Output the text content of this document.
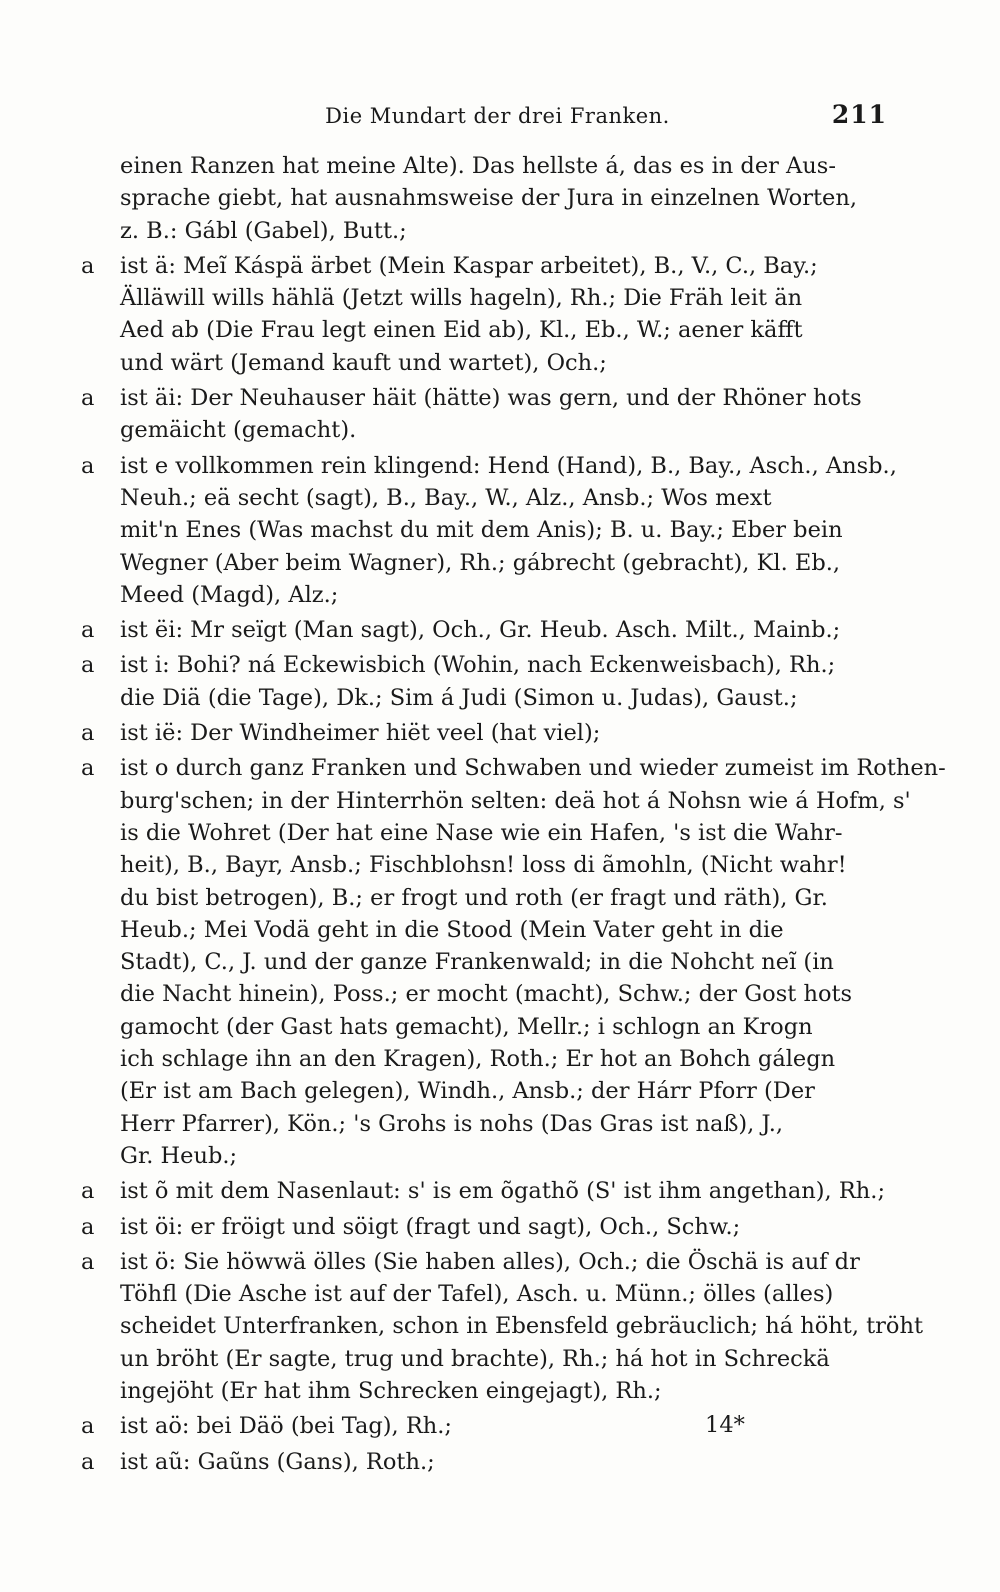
Die Mundart der drei Franken.	211
einen Ranzen hat meine Alte). Das hellste á, das es in der Aus-
sprache giebt, hat ausnahmsweise der Jura in einzelnen Worten,
z. B.: Gábl (Gabel), Butt.;
a ist ä: Meĩ Káspä ärbet (Mein Kaspar arbeitet), B., V., C., Bay.;
Älläwill wills hählä (Jetzt wills hageln), Rh.; Die Fräh leit än
Aed ab (Die Frau legt einen Eid ab), Kl., Eb., W.; aener käfft
und wärt (Jemand kauft und wartet), Och.;
a ist äi: Der Neuhauser häit (hätte) was gern, und der Rhöner hots
gemäicht (gemacht).
a ist e vollkommen rein klingend: Hend (Hand), B., Bay., Asch., Ansb.,
Neuh.; eä secht (sagt), B., Bay., W., Alz., Ansb.; Wos mext
mit'n Enes (Was machst du mit dem Anis); B. u. Bay.; Eber bein
Wegner (Aber beim Wagner), Rh.; gábrecht (gebracht), Kl. Eb.,
Meed (Magd), Alz.;
a ist ëi: Mr seïgt (Man sagt), Och., Gr. Heub. Asch. Milt., Mainb.;
a ist i: Bohi? ná Eckewisbich (Wohin, nach Eckenweisbach), Rh.;
die Diä (die Tage), Dk.; Sim á Judi (Simon u. Judas), Gaust.;
a ist ië: Der Windheimer hiët veel (hat viel);
a ist o durch ganz Franken und Schwaben und wieder zumeist im Rothen-
burg'schen; in der Hinterrhön selten: deä hot á Nohsn wie á Hofm, s'
is die Wohret (Der hat eine Nase wie ein Hafen, 's ist die Wahr-
heit), B., Bayr, Ansb.; Fischblohsn! loss di ãmohln, (Nicht wahr!
du bist betrogen), B.; er frogt und roth (er fragt und räth), Gr.
Heub.; Mei Vodä geht in die Stood (Mein Vater geht in die
Stadt), C., J. und der ganze Frankenwald; in die Nohcht neĩ (in
die Nacht hinein), Poss.; er mocht (macht), Schw.; der Gost hots
gamocht (der Gast hats gemacht), Mellr.; i schlogn an Krogn
ich schlage ihn an den Kragen), Roth.; Er hot an Bohch gálegn
(Er ist am Bach gelegen), Windh., Ansb.; der Hárr Pforr (Der
Herr Pfarrer), Kön.; 's Grohs is nohs (Das Gras ist naß), J.,
Gr. Heub.;
a ist õ mit dem Nasenlaut: s' is em õgathõ (S' ist ihm angethan), Rh.;
a ist öi: er fröigt und söigt (fragt und sagt), Och., Schw.;
a ist ö: Sie höwwä ölles (Sie haben alles), Och.; die Öschä is auf dr
Töhfl (Die Asche ist auf der Tafel), Asch. u. Münn.; ölles (alles)
scheidet Unterfranken, schon in Ebensfeld gebräuclich; há höht, tröht
un bröht (Er sagte, trug und brachte), Rh.; há hot in Schreckä
ingejöht (Er hat ihm Schrecken eingejagt), Rh.;
a ist aö: bei Däö (bei Tag), Rh.;
a ist aũ: Gaũns (Gans), Roth.;
14*
